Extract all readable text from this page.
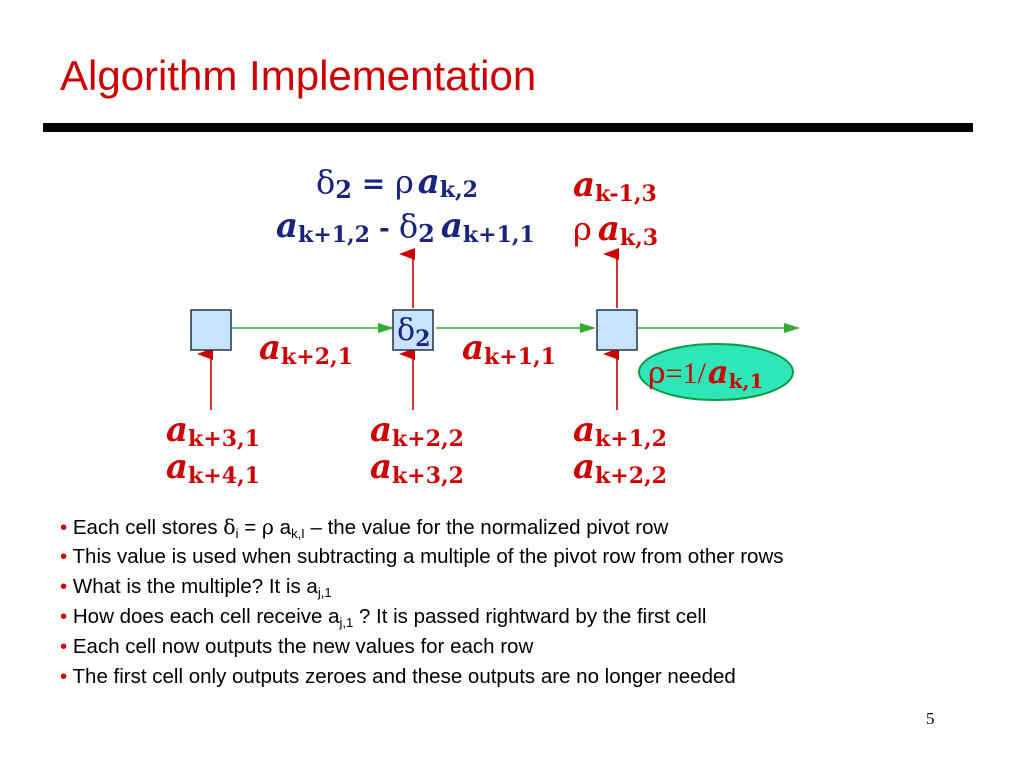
Algorithm Implementation
$\delta_2$
δ2 = ρ ak,2
ak+1,2 - δ2 ak+1,1
ak-1,3
ρ ak,3
ak+2,1	ak+1,1
ak+3,1
ak+4,1
ak+2,2
ak+3,2
ak+1,2
ak+2,2
ρ=1/ak,1
• Each cell stores $\delta_i = \rho$ $a_{k,I}$ – the value for the normalized pivot row
• This value is used when subtracting a multiple of the pivot row from other rows
• What is the multiple? It is $a_{j,1}$
• How does each cell receive $a_{j,1}$ ? It is passed rightward by the first cell
• Each cell now outputs the new values for each row
• The first cell only outputs zeroes and these outputs are no longer needed
5
